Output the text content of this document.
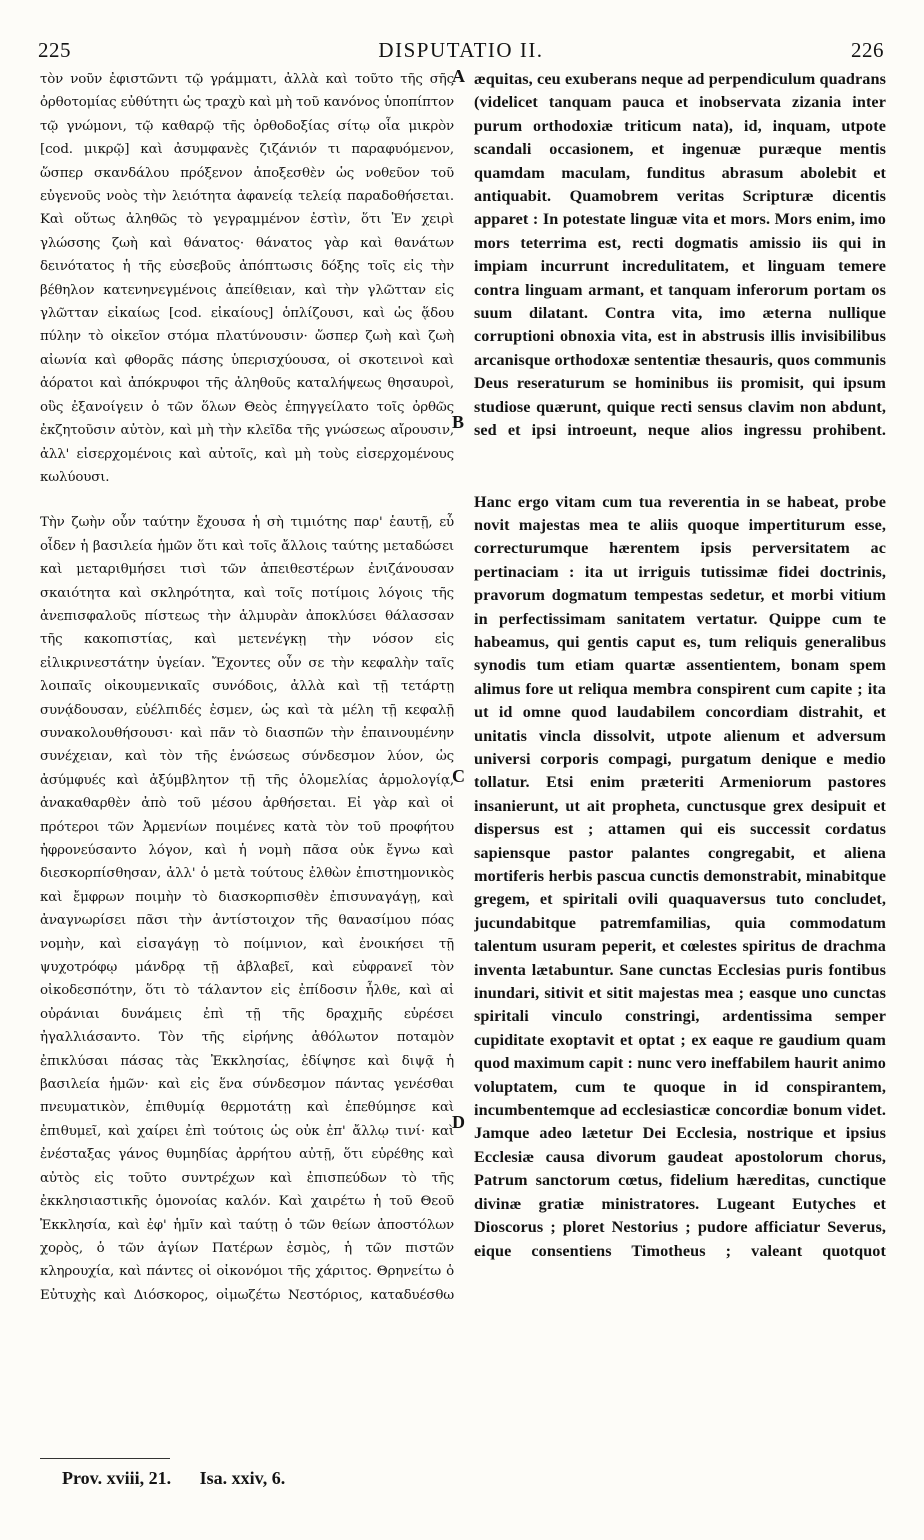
225	DISPUTATIO II.	226

τὸν νοῦν ἐφιστῶντι τῷ γράμματι, ἀλλὰ καὶ τοῦτο τῆς σῆς ὀρθοτομίας εὐθύτητι ὡς τραχὺ καὶ μὴ τοῦ κανόνος ὑποπίπτον τῷ γνώμονι, τῷ καθαρῷ τῆς ὀρθοδοξίας σίτῳ οἷα μικρὸν [cod. μικρῷ] καὶ ἀσυμφανὲς ζιζάνιόν τι παραφυόμενον, ὥσπερ σκανδάλου πρόξενον ἀποξεσθὲν ὡς νοθεῦον τοῦ εὐγενοῦς νοὸς τὴν λειότητα ἀφανείᾳ τελείᾳ παραδοθήσεται. Καὶ οὕτως ἀληθῶς τὸ γεγραμμένον ἐστὶν, ὅτι Ἐν χειρὶ γλώσσης ζωὴ καὶ θάνατος· θάνατος γὰρ καὶ θανάτων δεινότατος ἡ τῆς εὐσεβοῦς ἀπόπτωσις δόξης τοῖς εἰς τὴν βέθηλον κατενηνεγμένοις ἀπείθειαν, καὶ τὴν γλῶτταν εἰς γλῶτταν εἰκαίως [cod. εἰκαίους] ὁπλίζουσι, καὶ ὡς ᾅδου πύλην τὸ οἰκεῖον στόμα πλατύνουσιν· ὥσπερ ζωὴ καὶ ζωὴ αἰωνία καὶ φθορᾶς πάσης ὑπερισχύουσα, οἱ σκοτεινοὶ καὶ ἀόρατοι καὶ ἀπόκρυφοι τῆς ἀληθοῦς καταλήψεως θησαυροὶ, οὓς ἐξανοίγειν ὁ τῶν ὅλων Θεὸς ἐπηγγείλατο τοῖς ὀρθῶς ἐκζητοῦσιν αὐτὸν, καὶ μὴ τὴν κλεῖδα τῆς γνώσεως αἴρουσιν, ἀλλ' εἰσερχομένοις καὶ αὐτοῖς, καὶ μὴ τοὺς εἰσερχομένους κωλύουσι.

Τὴν ζωὴν οὖν ταύτην ἔχουσα ἡ σὴ τιμιότης παρ' ἑαυτῇ, εὖ οἶδεν ἡ βασιλεία ἡμῶν ὅτι καὶ τοῖς ἄλλοις ταύτης μεταδώσει καὶ μεταριθμήσει τισὶ τῶν ἀπειθεστέρων ἐνιζάνουσαν σκαιότητα καὶ σκληρότητα, καὶ τοῖς ποτίμοις λόγοις τῆς ἀνεπισφαλοῦς πίστεως τὴν ἁλμυρὰν ἀποκλύσει θάλασσαν τῆς κακοπιστίας, καὶ μετενέγκῃ τὴν νόσον εἰς εἰλικρινεστάτην ὑγείαν. Ἔχοντες οὖν σε τὴν κεφαλὴν ταῖς λοιπαῖς οἰκουμενικαῖς συνόδοις, ἀλλὰ καὶ τῇ τετάρτῃ συνᾴδουσαν, εὐέλπιδές ἐσμεν, ὡς καὶ τὰ μέλη τῇ κεφαλῇ συνακολουθήσουσι· καὶ πᾶν τὸ διασπῶν τὴν ἐπαινουμένην συνέχειαν, καὶ τὸν τῆς ἑνώσεως σύνδεσμον λύον, ὡς ἀσύμφυές καὶ ἀξύμβλητον τῇ τῆς ὁλομελίας ἁρμολογίᾳ, ἀνακαθαρθὲν ἀπὸ τοῦ μέσου ἀρθήσεται. Εἰ γὰρ καὶ οἱ πρότεροι τῶν Ἀρμενίων ποιμένες κατὰ τὸν τοῦ προφήτου ἠφρονεύσαντο λόγον, καὶ ἡ νομὴ πᾶσα οὐκ ἔγνω καὶ διεσκορπίσθησαν, ἀλλ' ὁ μετὰ τούτους ἐλθὼν ἐπιστημονικὸς καὶ ἔμφρων ποιμὴν τὸ διασκορπισθὲν ἐπισυναγάγῃ, καὶ ἀναγνωρίσει πᾶσι τὴν ἀντίστοιχον τῆς θανασίμου πόας νομὴν, καὶ εἰσαγάγῃ τὸ ποίμνιον, καὶ ἐνοικήσει τῇ ψυχοτρόφῳ μάνδρᾳ τῇ ἀβλαβεῖ, καὶ εὐφρανεῖ τὸν οἰκοδεσπότην, ὅτι τὸ τάλαντον εἰς ἐπίδοσιν ἦλθε, καὶ αἱ οὐράνιαι δυνάμεις ἐπὶ τῇ τῆς δραχμῆς εὑρέσει ἠγαλλιάσαντο. Τὸν τῆς εἰρήνης ἀθόλωτον ποταμὸν ἐπικλύσαι πάσας τὰς Ἐκκλησίας, ἐδίψησε καὶ διψᾷ ἡ βασιλεία ἡμῶν· καὶ εἰς ἕνα σύνδεσμον πάντας γενέσθαι πνευματικὸν, ἐπιθυμίᾳ θερμοτάτῃ καὶ ἐπεθύμησε καὶ ἐπιθυμεῖ, καὶ χαίρει ἐπὶ τούτοις ὡς οὐκ ἐπ' ἄλλῳ τινί· καὶ ἐνέσταξας γάνος θυμηδίας ἀρρήτου αὐτῇ, ὅτι εὑρέθης καὶ αὐτὸς εἰς τοῦτο συντρέχων καὶ ἐπισπεύδων τὸ τῆς ἐκκλησιαστικῆς ὁμονοίας καλόν. Καὶ χαιρέτω ἡ τοῦ Θεοῦ Ἐκκλησία, καὶ ἐφ' ἡμῖν καὶ ταύτῃ ὁ τῶν θείων ἀποστόλων χορὸς, ὁ τῶν ἁγίων Πατέρων ἐσμὸς, ἡ τῶν πιστῶν κληρουχία, καὶ πάντες οἱ οἰκονόμοι τῆς χάριτος. Θρηνείτω ὁ Εὐτυχὴς καὶ Διόσκορος, οἰμωζέτω Νεστόριος, καταδυέσθω

æquitas, ceu exuberans neque ad perpendiculum quadrans (videlicet tanquam pauca et inobservata zizania inter purum orthodoxiæ triticum nata), id, inquam, utpote scandali occasionem, et ingenuæ puræque mentis quamdam maculam, funditus abrasum abolebit et antiquabit. Quamobrem veritas Scripturæ dicentis apparet : In potestate linguæ vita et mors. Mors enim, imo mors teterrima est, recti dogmatis amissio iis qui in impiam incurrunt incredulitatem, et linguam temere contra linguam armant, et tanquam inferorum portam os suum dilatant. Contra vita, imo æterna nullique corruptioni obnoxia vita, est in abstrusis illis invisibilibus arcanisque orthodoxæ sententiæ thesauris, quos communis Deus reseraturum se hominibus iis promisit, qui ipsum studiose quærunt, quique recti sensus clavim non abdunt, sed et ipsi introeunt, neque alios ingressu prohibent.

Hanc ergo vitam cum tua reverentia in se habeat, probe novit majestas mea te aliis quoque impertiturum esse, correcturumque hærentem ipsis perversitatem ac pertinaciam : ita ut irriguis tutissimæ fidei doctrinis, pravorum dogmatum tempestas sedetur, et morbi vitium in perfectissimam sanitatem vertatur. Quippe cum te habeamus, qui gentis caput es, tum reliquis generalibus synodis tum etiam quartæ assentientem, bonam spem alimus fore ut reliqua membra conspirent cum capite ; ita ut id omne quod laudabilem concordiam distrahit, et unitatis vincla dissolvit, utpote alienum et adversum universi corporis compagi, purgatum denique e medio tollatur. Etsi enim præteriti Armeniorum pastores insanierunt, ut ait propheta, cunctusque grex desipuit et dispersus est ; attamen qui eis successit cordatus sapiensque pastor palantes congregabit, et aliena mortiferis herbis pascua cunctis demonstrabit, minabitque gregem, et spiritali ovili quaquaversus tuto concludet, jucundabitque patremfamilias, quia commodatum talentum usuram peperit, et cœlestes spiritus de drachma inventa lætabuntur. Sane cunctas Ecclesias puris fontibus inundari, sitivit et sitit majestas mea ; easque uno cunctas spiritali vinculo constringi, ardentissima semper cupiditate exoptavit et optat ; ex eaque re gaudium quam quod maximum capit : nunc vero ineffabilem haurit animo voluptatem, cum te quoque in id conspirantem, incumbentemque ad ecclesiasticæ concordiæ bonum videt. Jamque adeo lætetur Dei Ecclesia, nostrique et ipsius Ecclesiæ causa divorum gaudeat apostolorum chorus, Patrum sanctorum cœtus, fidelium hæreditas, cunctique divinæ gratiæ ministratores. Lugeant Eutyches et Dioscorus ; ploret Nestorius ; pudore afficiatur Severus, eique consentiens Timotheus ; valeant quotquot

A
B
C
D
Prov. xviii, 21. Isa. xxiv, 6.
